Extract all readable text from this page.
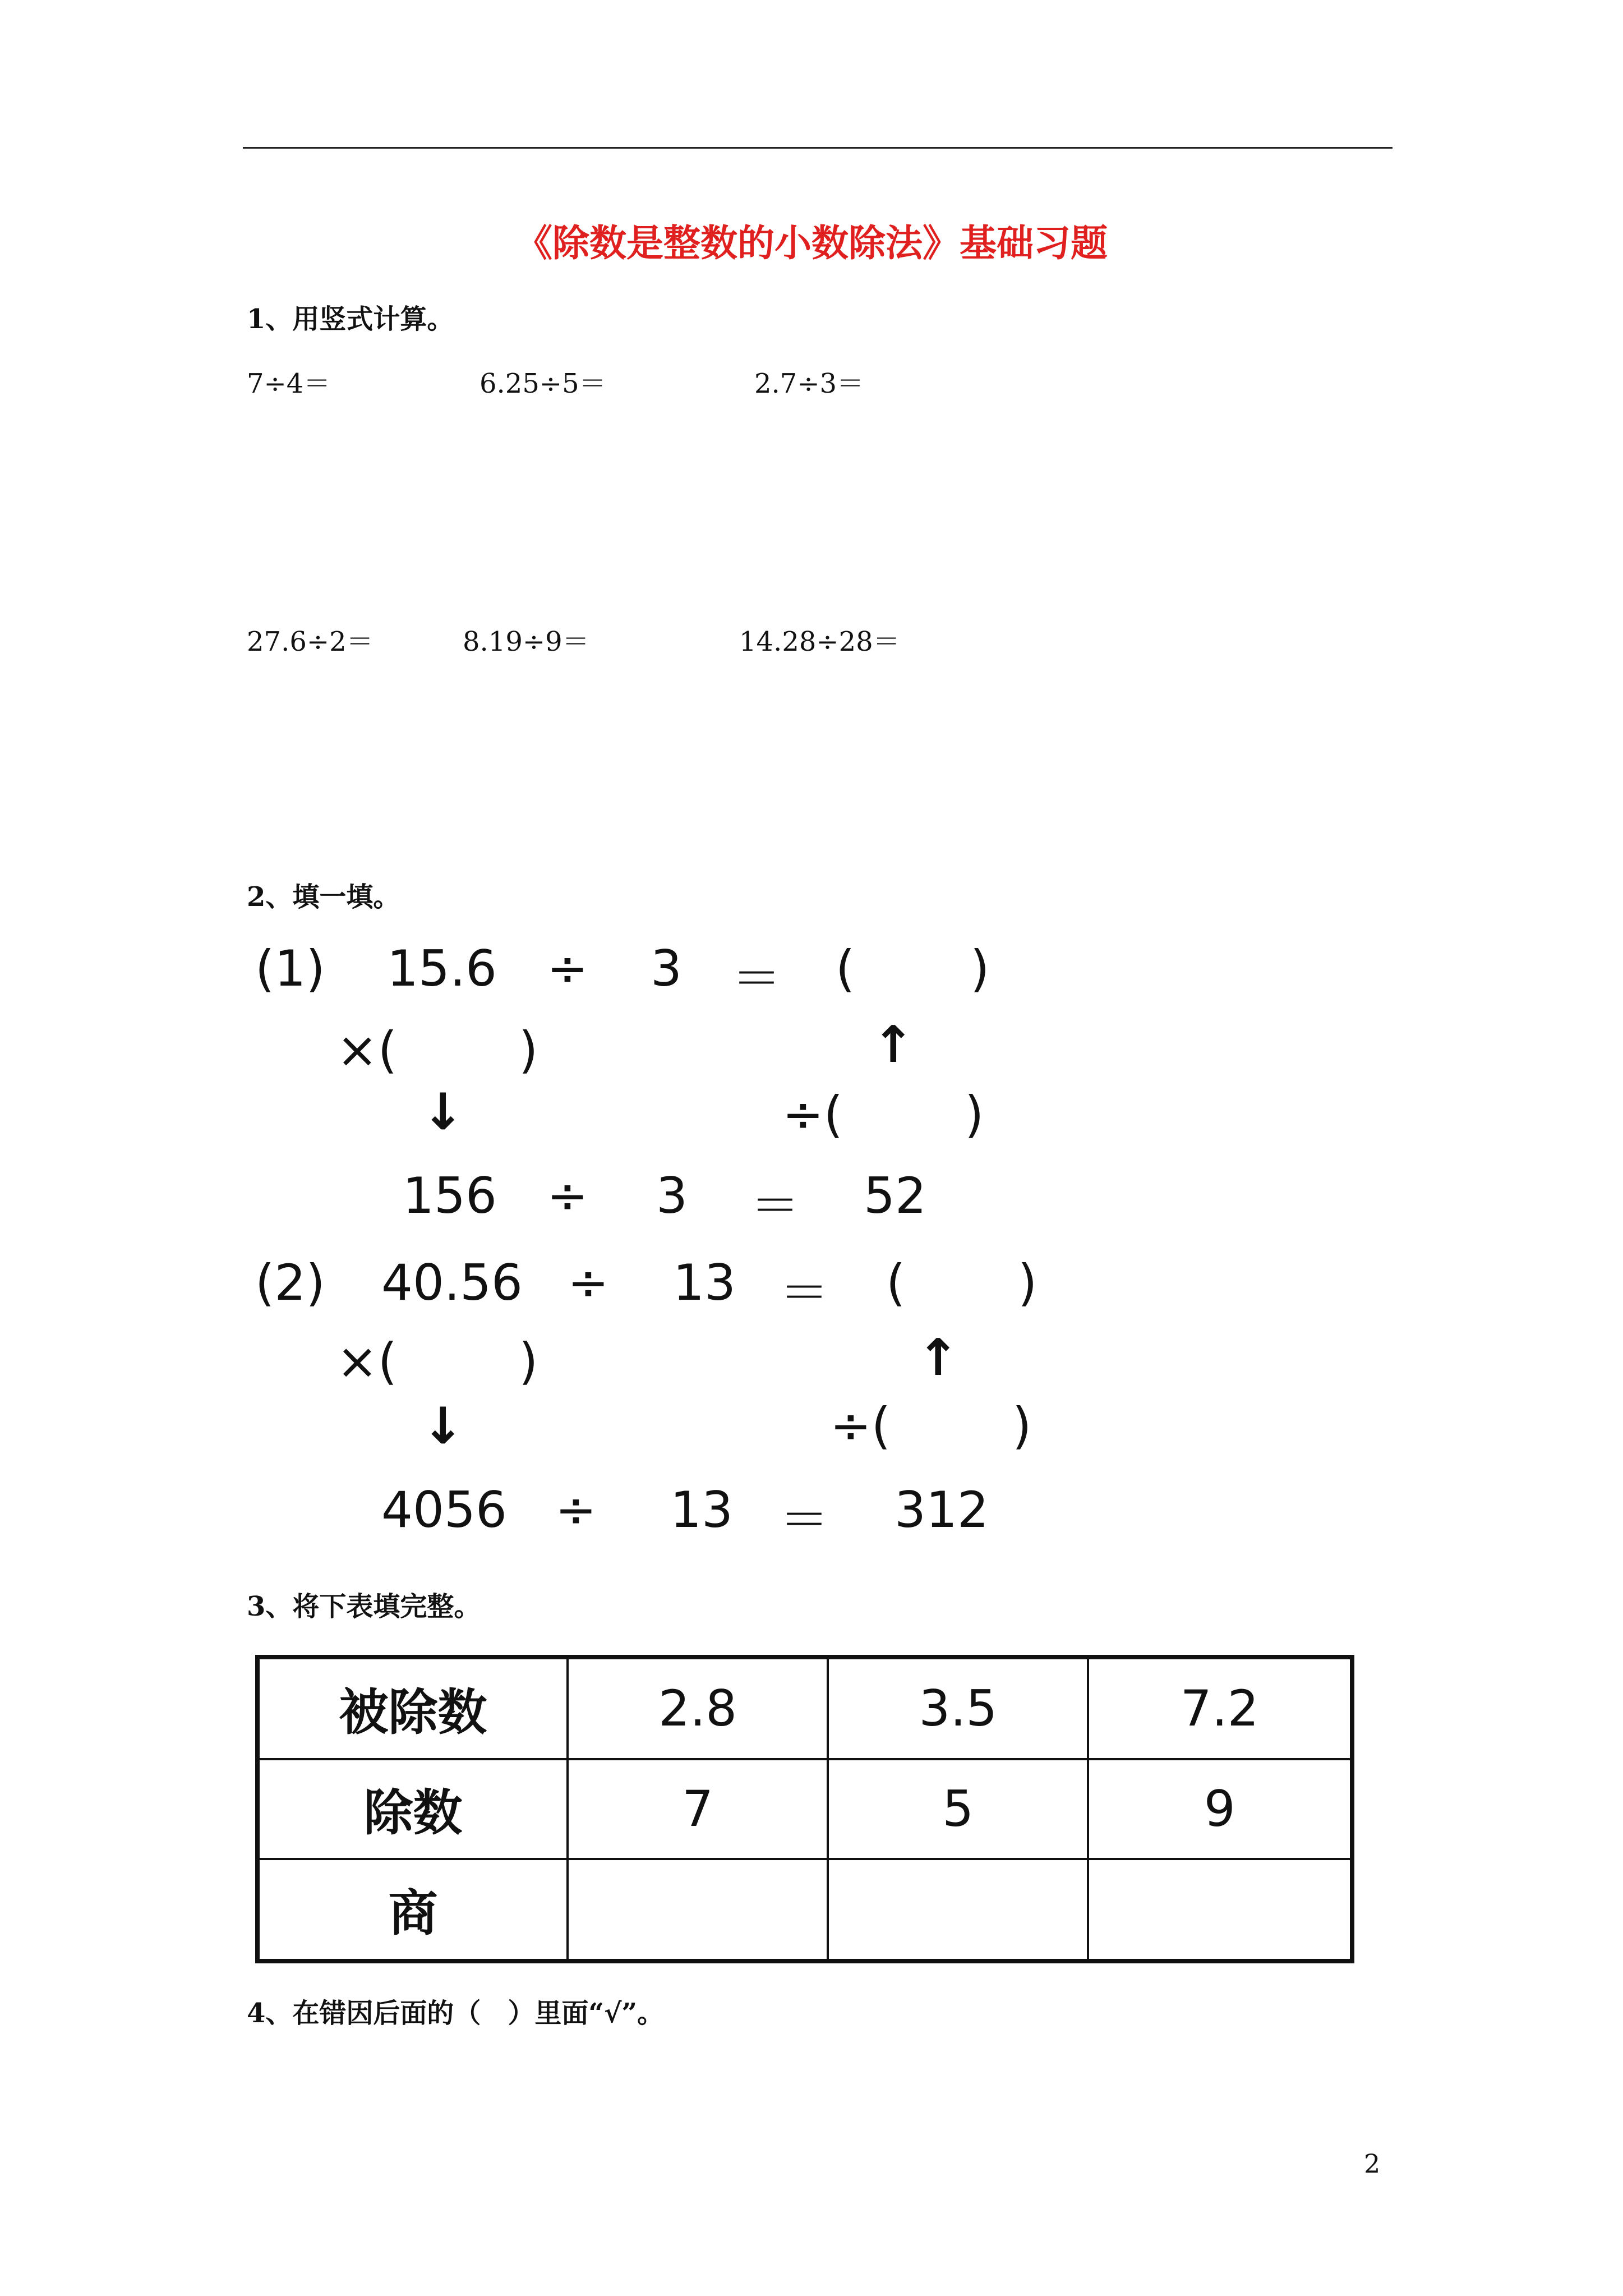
《除数是整数的小数除法》基础习题
1、用竖式计算。
7÷4＝	6.25÷5＝	2.7÷3＝
27.6÷2＝	8.19÷9＝	14.28÷28＝
2、填一填。
(1) 15.6 ÷ 3 ＝ ( )
×( )	↑
↓	÷( )
156 ÷ 3 ＝ 52
(2) 40.56 ÷ 13 ＝ ( )
×( )	↑
↓	÷( )
4056 ÷ 13 ＝ 312
3、将下表填完整。
被除数	2.8	3.5	7.2
除数	7	5	9
商			
4、在错因后面的（　）里面“√”。
2
